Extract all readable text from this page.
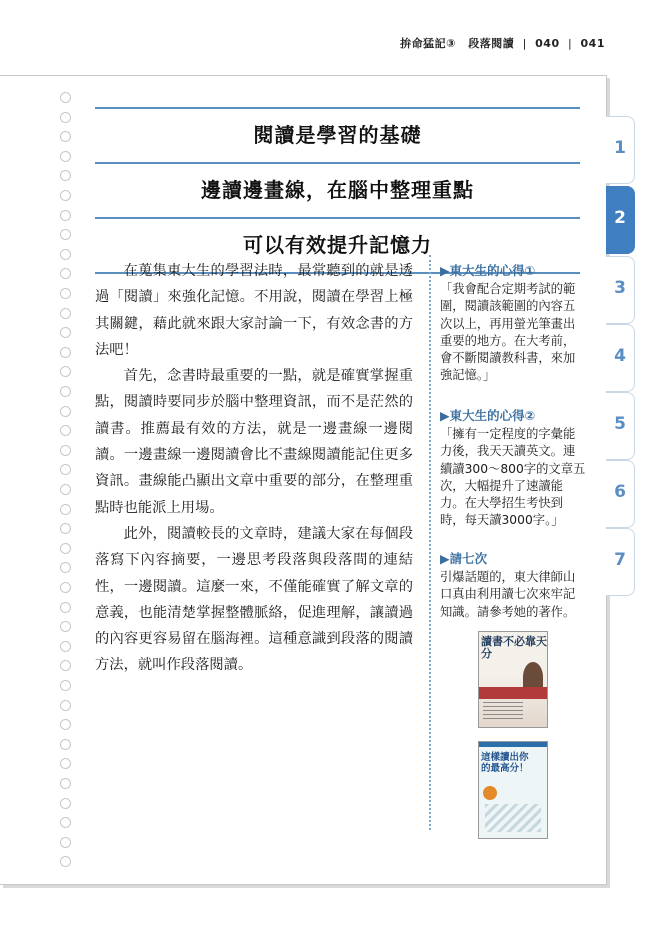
拚命猛記③ 段落閱讀 | 040 | 041
閱讀是學習的基礎
邊讀邊畫線，在腦中整理重點
可以有效提升記憶力

在蒐集東大生的學習法時，最常聽到的就是透過「閱讀」來強化記憶。不用說，閱讀在學習上極其關鍵，藉此就來跟大家討論一下，有效念書的方法吧！

首先，念書時最重要的一點，就是確實掌握重點，閱讀時要同步於腦中整理資訊，而不是茫然的讀書。推薦最有效的方法，就是一邊畫線一邊閱讀。一邊畫線一邊閱讀會比不畫線閱讀能記住更多資訊。畫線能凸顯出文章中重要的部分，在整理重點時也能派上用場。

此外，閱讀較長的文章時，建議大家在每個段落寫下內容摘要，一邊思考段落與段落間的連結性，一邊閱讀。這麼一來，不僅能確實了解文章的意義，也能清楚掌握整體脈絡，促進理解，讓讀過的內容更容易留在腦海裡。這種意識到段落的閱讀方法，就叫作段落閱讀。

▶東大生的心得①
「我會配合定期考試的範圍，閱讀該範圍的內容五次以上，再用螢光筆畫出重要的地方。在大考前，會不斷閱讀教科書，來加強記憶。」
▶東大生的心得②
「擁有一定程度的字彙能力後，我天天讀英文。連續讀300～800字的文章五次，大幅提升了速讀能力。在大學招生考快到時，每天讀3000字。」
▶請七次
引爆話題的，東大律師山口真由利用讀七次來牢記知識。請參考她的著作。
讀書不必靠天分
這樣讀出你的最高分！
1
2
3
4
5
6
7
